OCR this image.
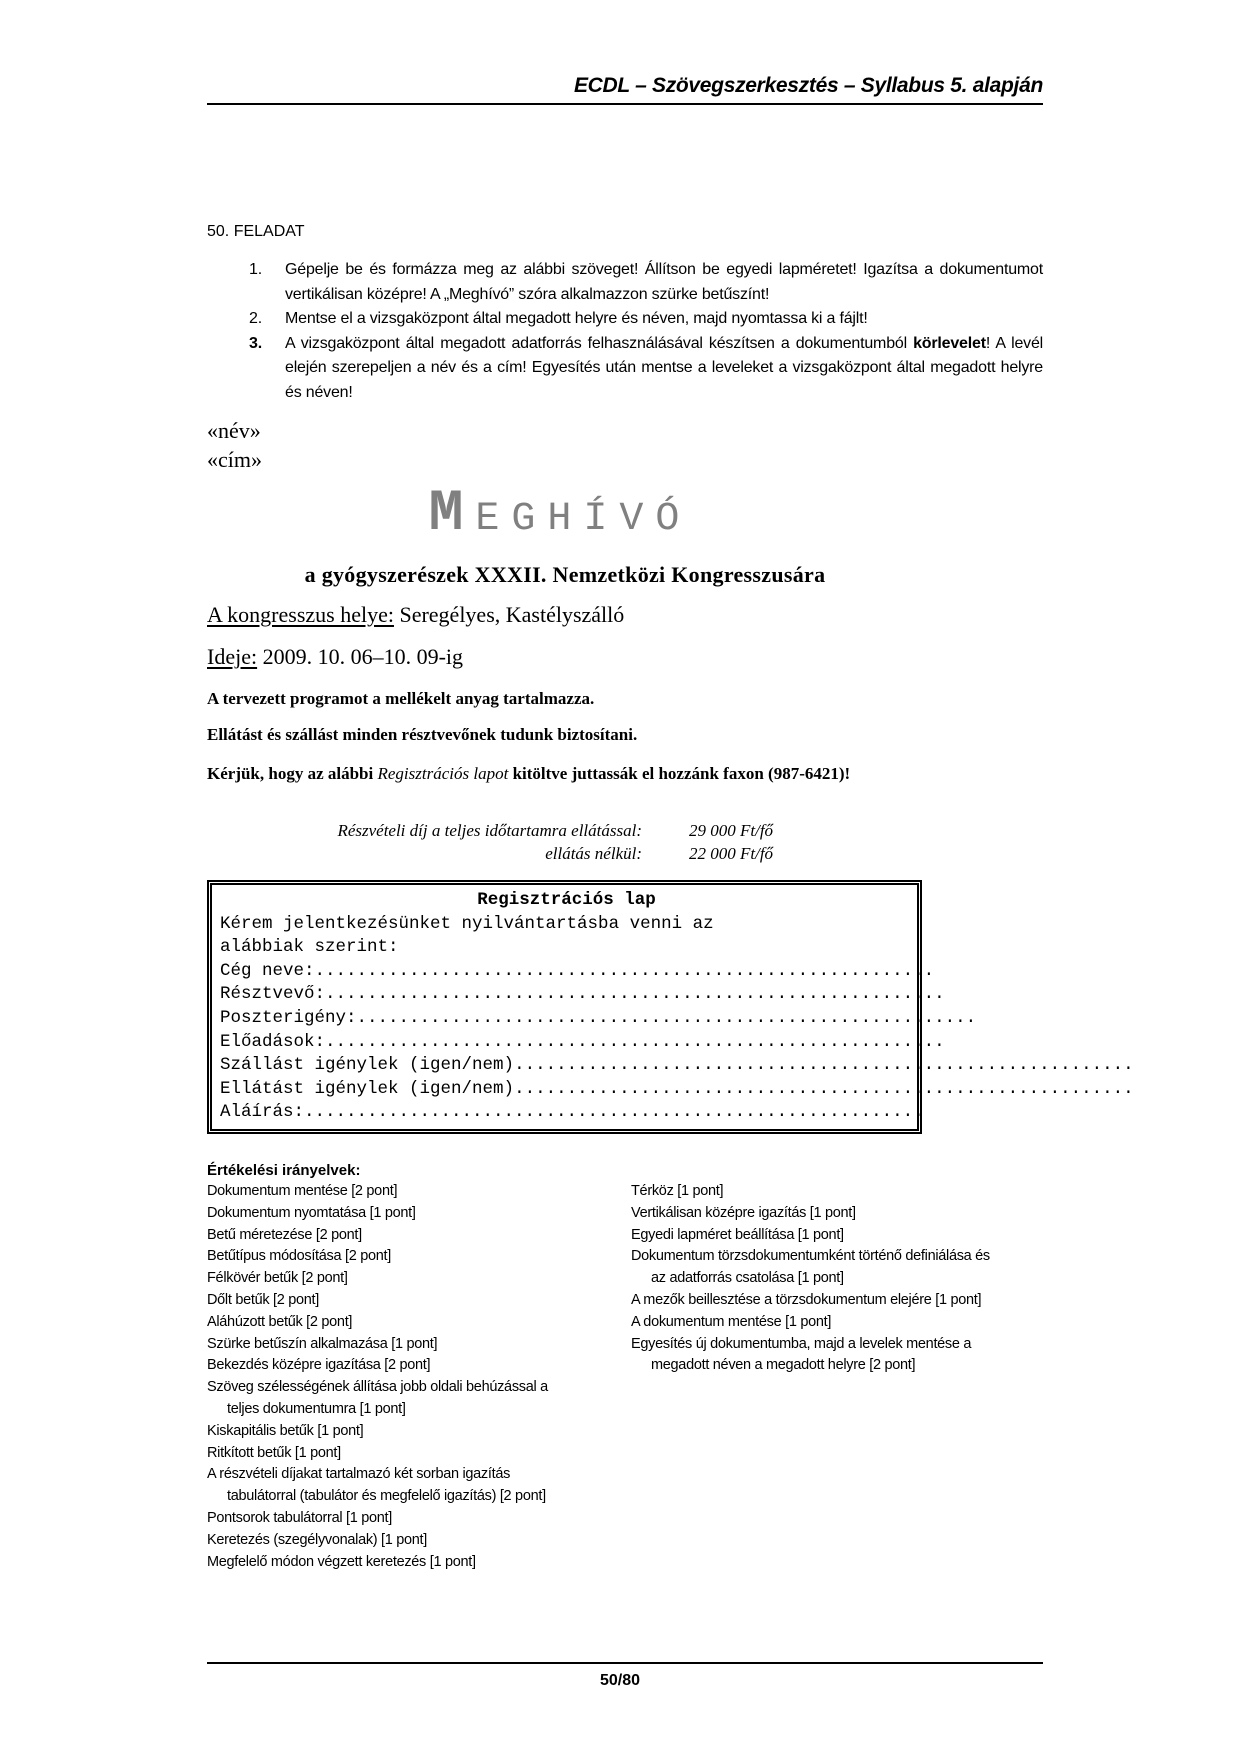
ECDL – Szövegszerkesztés – Syllabus 5. alapján
50. FELADAT
1.	Gépelje be és formázza meg az alábbi szöveget! Állítson be egyedi lapméretet! Igazítsa a dokumentumot vertikálisan középre! A „Meghívó” szóra alkalmazzon szürke betűszínt!
2.	Mentse el a vizsgaközpont által megadott helyre és néven, majd nyomtassa ki a fájlt!
3.	A vizsgaközpont által megadott adatforrás felhasználásával készítsen a dokumentumból körlevelet! A levél elején szerepeljen a név és a cím! Egyesítés után mentse a leveleket a vizsgaközpont által megadott helyre és néven!
«név»
«cím»
MEGHÍVÓ
a gyógyszerészek XXXII. Nemzetközi Kongresszusára
A kongresszus helye: Seregélyes, Kastélyszálló
Ideje: 2009. 10. 06–10. 09-ig
A tervezett programot a mellékelt anyag tartalmazza.
Ellátást és szállást minden résztvevőnek tudunk biztosítani.
Kérjük, hogy az alábbi Regisztrációs lapot kitöltve juttassák el hozzánk faxon (987-6421)!
Részvételi díj a teljes időtartamra ellátással:	29 000 Ft/fő
ellátás nélkül:	22 000 Ft/fő
Regisztrációs lap
Kérem jelentkezésünket nyilvántartásba venni az
alábbiak szerint:
Cég neve: ...........................................................
Résztvevő: ...........................................................
Poszterigény: ...........................................................
Előadások: ...........................................................
Szállást igénylek (igen/nem) ...........................................................
Ellátást igénylek (igen/nem) ...........................................................
Aláírás: ...........................................................
Értékelési irányelvek:
Dokumentum mentése [2 pont]
Dokumentum nyomtatása [1 pont]
Betű méretezése [2 pont]
Betűtípus módosítása [2 pont]
Félkövér betűk [2 pont]
Dőlt betűk [2 pont]
Aláhúzott betűk [2 pont]
Szürke betűszín alkalmazása [1 pont]
Bekezdés középre igazítása [2 pont]
Szöveg szélességének állítása jobb oldali behúzással a
teljes dokumentumra [1 pont]
Kiskapitális betűk [1 pont]
Ritkított betűk [1 pont]
A részvételi díjakat tartalmazó két sorban igazítás
tabulátorral (tabulátor és megfelelő igazítás) [2 pont]
Pontsorok tabulátorral [1 pont]
Keretezés (szegélyvonalak) [1 pont]
Megfelelő módon végzett keretezés [1 pont]
Térköz [1 pont]
Vertikálisan középre igazítás [1 pont]
Egyedi lapméret beállítása [1 pont]
Dokumentum törzsdokumentumként történő definiálása és
az adatforrás csatolása [1 pont]
A mezők beillesztése a törzsdokumentum elejére [1 pont]
A dokumentum mentése [1 pont]
Egyesítés új dokumentumba, majd a levelek mentése a
megadott néven a megadott helyre [2 pont]
50/80
